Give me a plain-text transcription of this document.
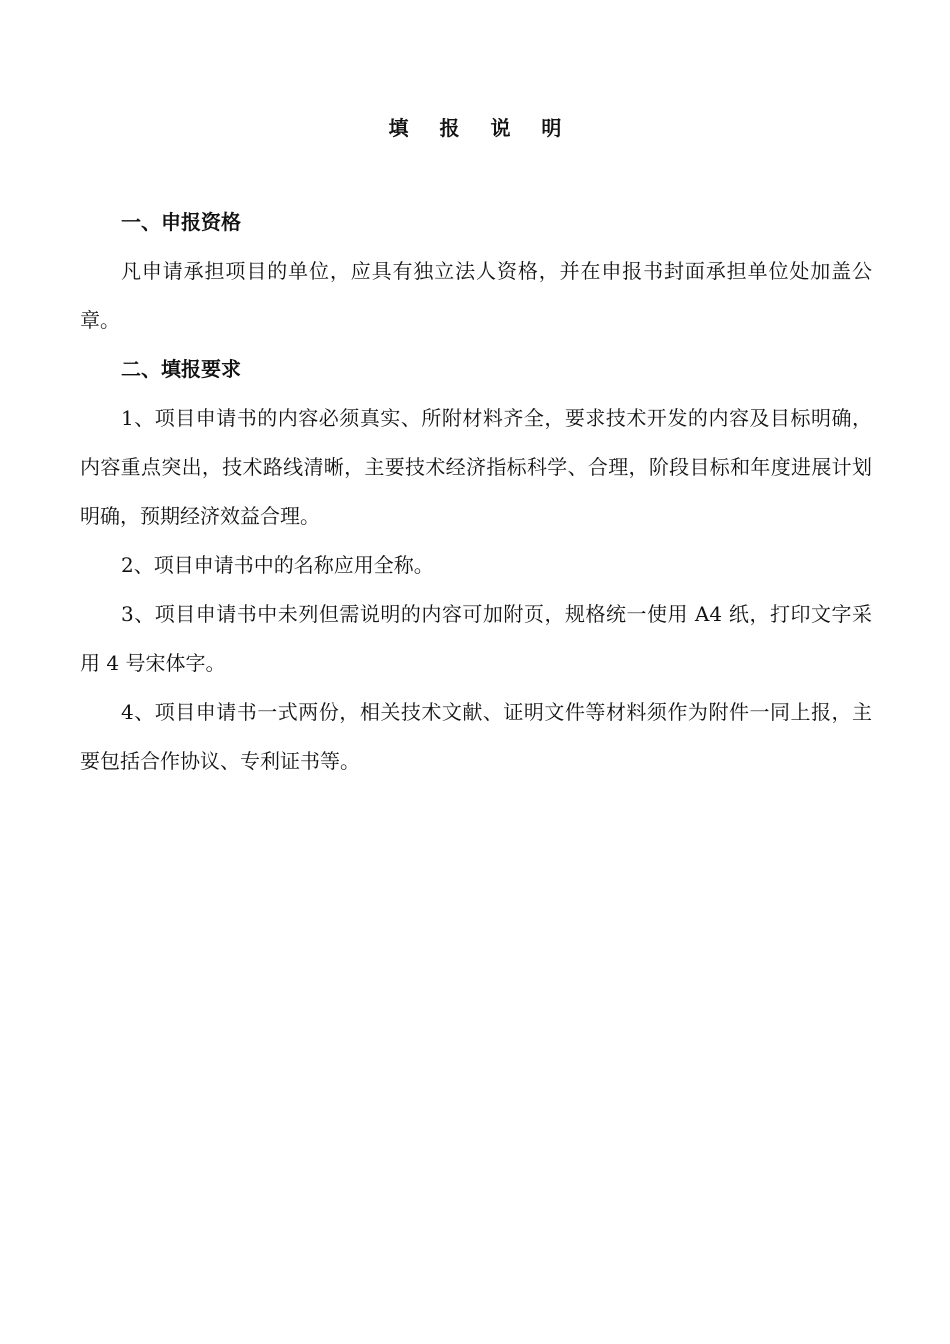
填 报 说 明

一、申报资格

凡申请承担项目的单位，应具有独立法人资格，并在申报书封面承担单位处加盖公章。

二、填报要求

1、项目申请书的内容必须真实、所附材料齐全，要求技术开发的内容及目标明确，内容重点突出，技术路线清晰，主要技术经济指标科学、合理，阶段目标和年度进展计划明确，预期经济效益合理。

2、项目申请书中的名称应用全称。

3、项目申请书中未列但需说明的内容可加附页，规格统一使用 A4 纸，打印文字采用 4 号宋体字。

4、项目申请书一式两份，相关技术文献、证明文件等材料须作为附件一同上报，主要包括合作协议、专利证书等。
